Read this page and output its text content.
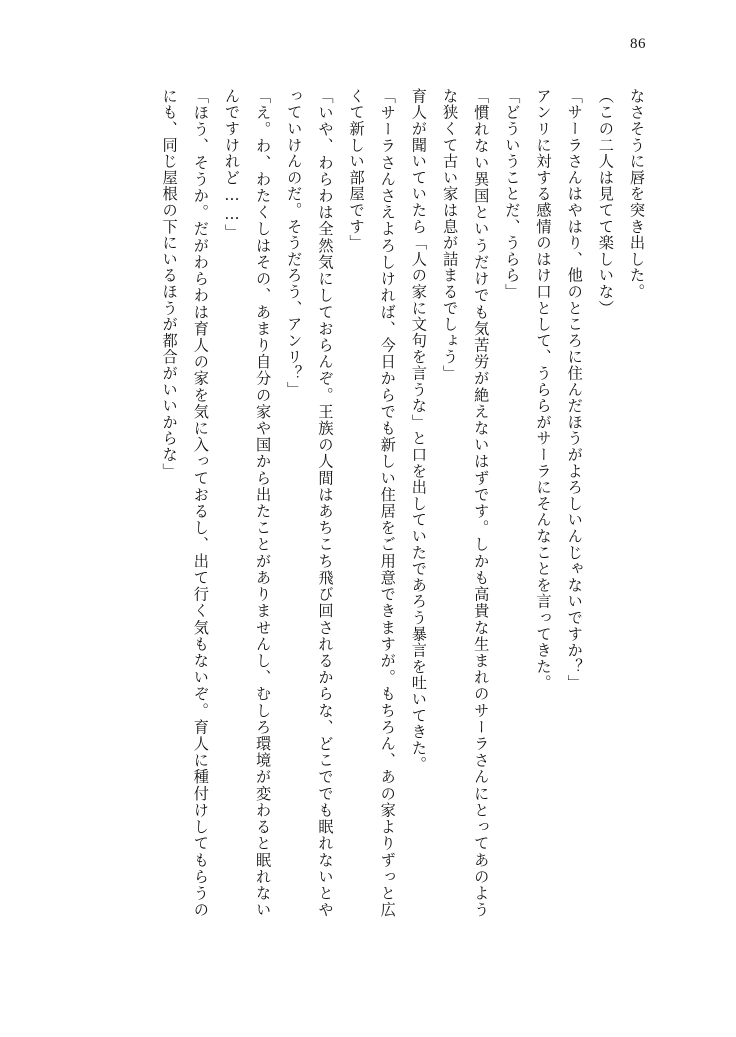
86

なさそうに唇を突き出した。

（この二人は見てて楽しいな）

「サーラさんはやはり、他のところに住んだほうがよろしいんじゃないですか？」

アンリに対する感情のはけ口として、うららがサーラにそんなことを言ってきた。

「どういうことだ、うらら」

「慣れない異国というだけでも気苦労が絶えないはずです。しかも高貴な生まれのサーラさんにとってあのような狭くて古い家は息が詰まるでしょう」

育人が聞いていたら「人の家に文句を言うな」と口を出していたであろう暴言を吐いてきた。

「サーラさんさえよろしければ、今日からでも新しい住居をご用意できますが。もちろん、あの家よりずっと広くて新しい部屋です」

「いや、わらわは全然気にしておらんぞ。王族の人間はあちこち飛び回されるからな、どこででも眠れないとやっていけんのだ。そうだろう、アンリ？」

「え。わ、わたくしはその、あまり自分の家や国から出たことがありませんし、むしろ環境が変わると眠れないんですけれど……」

「ほう、そうか。だがわらわは育人の家を気に入っておるし、出て行く気もないぞ。育人に種付けしてもらうのにも、同じ屋根の下にいるほうが都合がいいからな」
